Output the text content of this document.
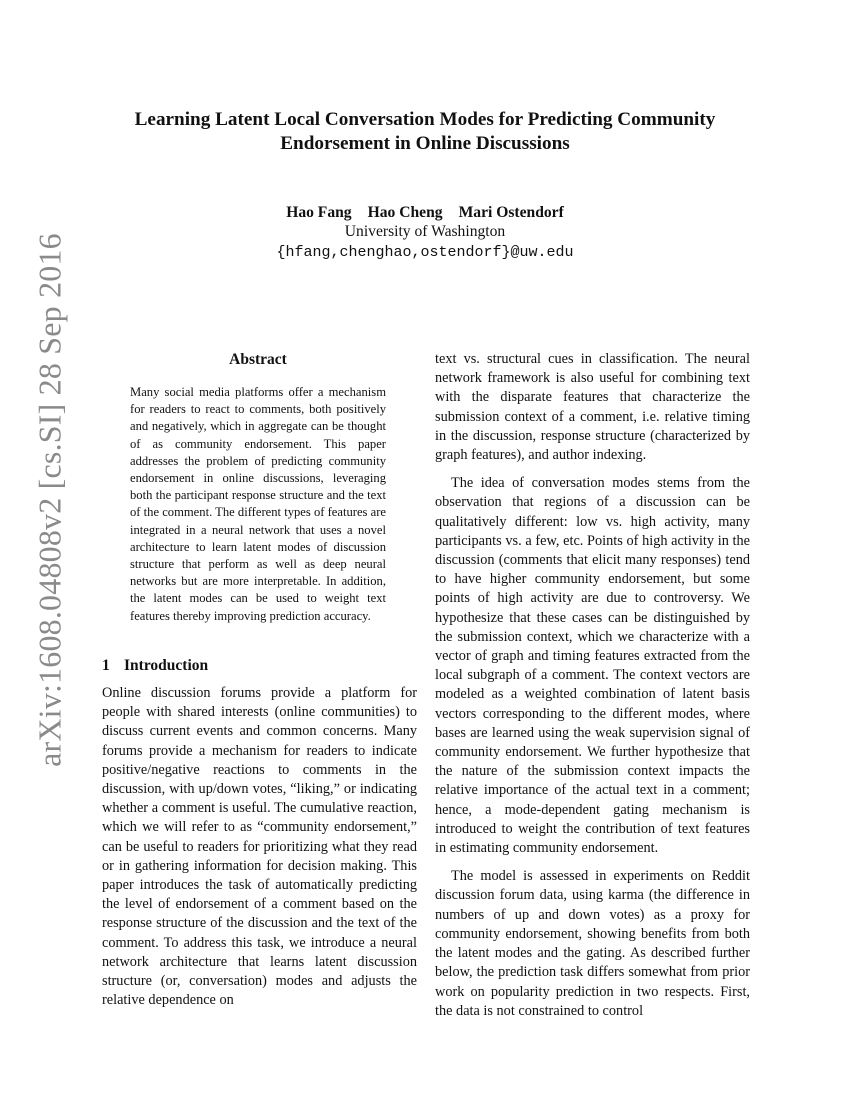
arXiv:1608.04808v2 [cs.SI] 28 Sep 2016
Learning Latent Local Conversation Modes for Predicting Community Endorsement in Online Discussions
Hao Fang Hao Cheng Mari Ostendorf
University of Washington
{hfang,chenghao,ostendorf}@uw.edu
Abstract
Many social media platforms offer a mechanism for readers to react to comments, both positively and negatively, which in aggregate can be thought of as community endorsement. This paper addresses the problem of predicting community endorsement in online discussions, leveraging both the participant response structure and the text of the comment. The different types of features are integrated in a neural network that uses a novel architecture to learn latent modes of discussion structure that perform as well as deep neural networks but are more interpretable. In addition, the latent modes can be used to weight text features thereby improving prediction accuracy.
1 Introduction

Online discussion forums provide a platform for people with shared interests (online communities) to discuss current events and common concerns. Many forums provide a mechanism for readers to indicate positive/negative reactions to comments in the discussion, with up/down votes, “liking,” or indicating whether a comment is useful. The cumulative reaction, which we will refer to as “community endorsement,” can be useful to readers for prioritizing what they read or in gathering information for decision making. This paper introduces the task of automatically predicting the level of endorsement of a comment based on the response structure of the discussion and the text of the comment. To address this task, we introduce a neural network architecture that learns latent discussion structure (or, conversation) modes and adjusts the relative dependence on

text vs. structural cues in classification. The neural network framework is also useful for combining text with the disparate features that characterize the submission context of a comment, i.e. relative timing in the discussion, response structure (characterized by graph features), and author indexing.

The idea of conversation modes stems from the observation that regions of a discussion can be qualitatively different: low vs. high activity, many participants vs. a few, etc. Points of high activity in the discussion (comments that elicit many responses) tend to have higher community endorsement, but some points of high activity are due to controversy. We hypothesize that these cases can be distinguished by the submission context, which we characterize with a vector of graph and timing features extracted from the local subgraph of a comment. The context vectors are modeled as a weighted combination of latent basis vectors corresponding to the different modes, where bases are learned using the weak supervision signal of community endorsement. We further hypothesize that the nature of the submission context impacts the relative importance of the actual text in a comment; hence, a mode-dependent gating mechanism is introduced to weight the contribution of text features in estimating community endorsement.

The model is assessed in experiments on Reddit discussion forum data, using karma (the difference in numbers of up and down votes) as a proxy for community endorsement, showing benefits from both the latent modes and the gating. As described further below, the prediction task differs somewhat from prior work on popularity prediction in two respects. First, the data is not constrained to control
